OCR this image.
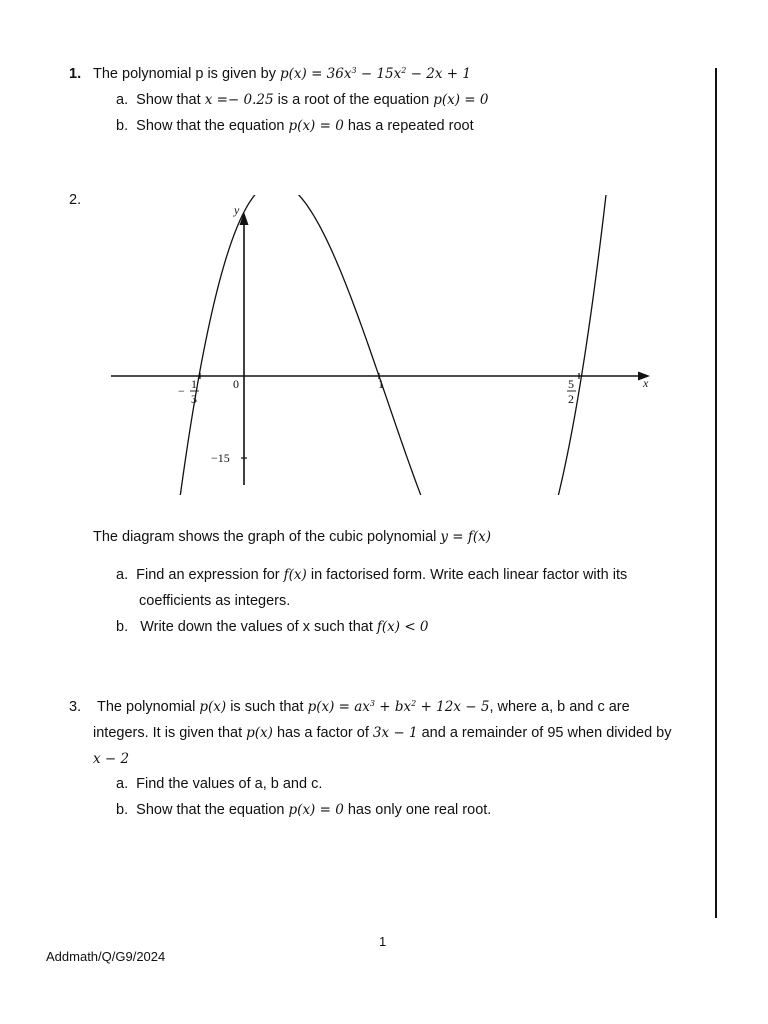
1. The polynomial p is given by $p(x) = 36x^3 - 15x^2 - 2x + 1$
a. Show that x =− 0.25 is a root of the equation p(x) = 0
b. Show that the equation p(x) = 0 has a repeated root
2.
y
x
0
− 1
3
1	5
2
−15
The diagram shows the graph of the cubic polynomial y = f(x)
a. Find an expression for f(x) in factorised form. Write each linear factor with its
coefficients as integers.
b. Write down the values of x such that f(x) < 0
3. The polynomial p(x) is such that $p(x) = ax^3 + bx^2 + 12x - 5$, where a, b and c are
integers. It is given that p(x) has a factor of 3x − 1 and a remainder of 95 when divided by
x − 2
a. Find the values of a, b and c.
b. Show that the equation p(x) = 0 has only one real root.
1
Addmath/Q/G9/2024
